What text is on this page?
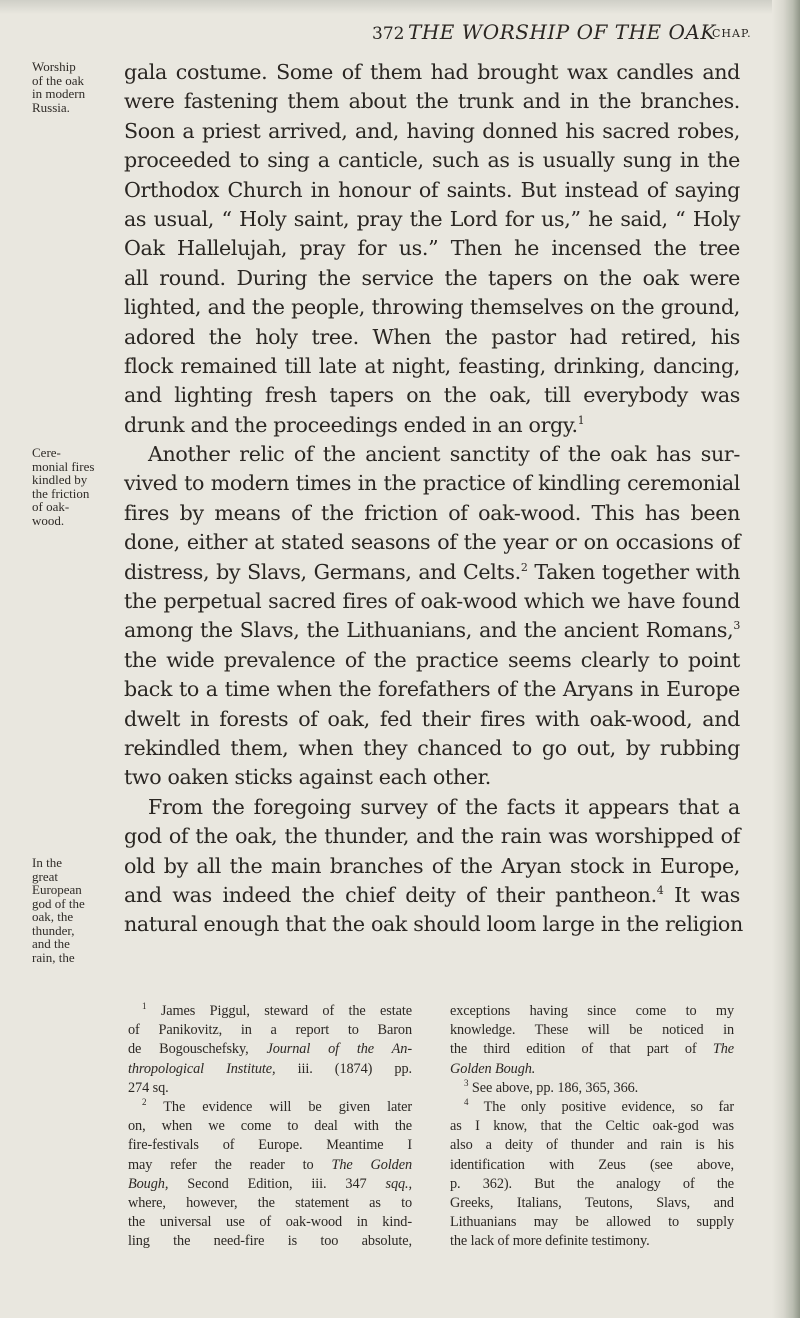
372 THE WORSHIP OF THE OAK
CHAP.
Worship
of the oak
in modern
Russia.
Cere-
monial fires
kindled by
the friction
of oak-
wood.
In the
great
European
god of the
oak, the
thunder,
and the
rain, the
gala costume. Some of them had brought wax candles and
were fastening them about the trunk and in the branches.
Soon a priest arrived, and, having donned his sacred robes,
proceeded to sing a canticle, such as is usually sung in the
Orthodox Church in honour of saints. But instead of saying
as usual, “ Holy saint, pray the Lord for us,” he said, “ Holy
Oak Hallelujah, pray for us.” Then he incensed the tree
all round. During the service the tapers on the oak were
lighted, and the people, throwing themselves on the ground,
adored the holy tree. When the pastor had retired, his
flock remained till late at night, feasting, drinking, dancing,
and lighting fresh tapers on the oak, till everybody was
drunk and the proceedings ended in an orgy.$^1$
Another relic of the ancient sanctity of the oak has sur-
vived to modern times in the practice of kindling ceremonial
fires by means of the friction of oak-wood. This has been
done, either at stated seasons of the year or on occasions of
distress, by Slavs, Germans, and Celts.$^2$ Taken together with
the perpetual sacred fires of oak-wood which we have found
among the Slavs, the Lithuanians, and the ancient Romans,$^3$
the wide prevalence of the practice seems clearly to point
back to a time when the forefathers of the Aryans in Europe
dwelt in forests of oak, fed their fires with oak-wood, and
rekindled them, when they chanced to go out, by rubbing
two oaken sticks against each other.
From the foregoing survey of the facts it appears that a
god of the oak, the thunder, and the rain was worshipped of
old by all the main branches of the Aryan stock in Europe,
and was indeed the chief deity of their pantheon.$^4$ It was
natural enough that the oak should loom large in the religion
$^1$ James Piggul, steward of the estate
of Panikovitz, in a report to Baron
de Bogouschefsky, Journal of the An-
thropological Institute, iii. (1874) pp.
274 sq.
$^2$ The evidence will be given later
on, when we come to deal with the
fire-festivals of Europe. Meantime I
may refer the reader to The Golden
Bough, Second Edition, iii. 347 sqq.,
where, however, the statement as to
the universal use of oak-wood in kind-
ling the need-fire is too absolute,
exceptions having since come to my
knowledge. These will be noticed in
the third edition of that part of The
Golden Bough.
$^3$ See above, pp. 186, 365, 366.
$^4$ The only positive evidence, so far
as I know, that the Celtic oak-god was
also a deity of thunder and rain is his
identification with Zeus (see above,
p. 362). But the analogy of the
Greeks, Italians, Teutons, Slavs, and
Lithuanians may be allowed to supply
the lack of more definite testimony.
